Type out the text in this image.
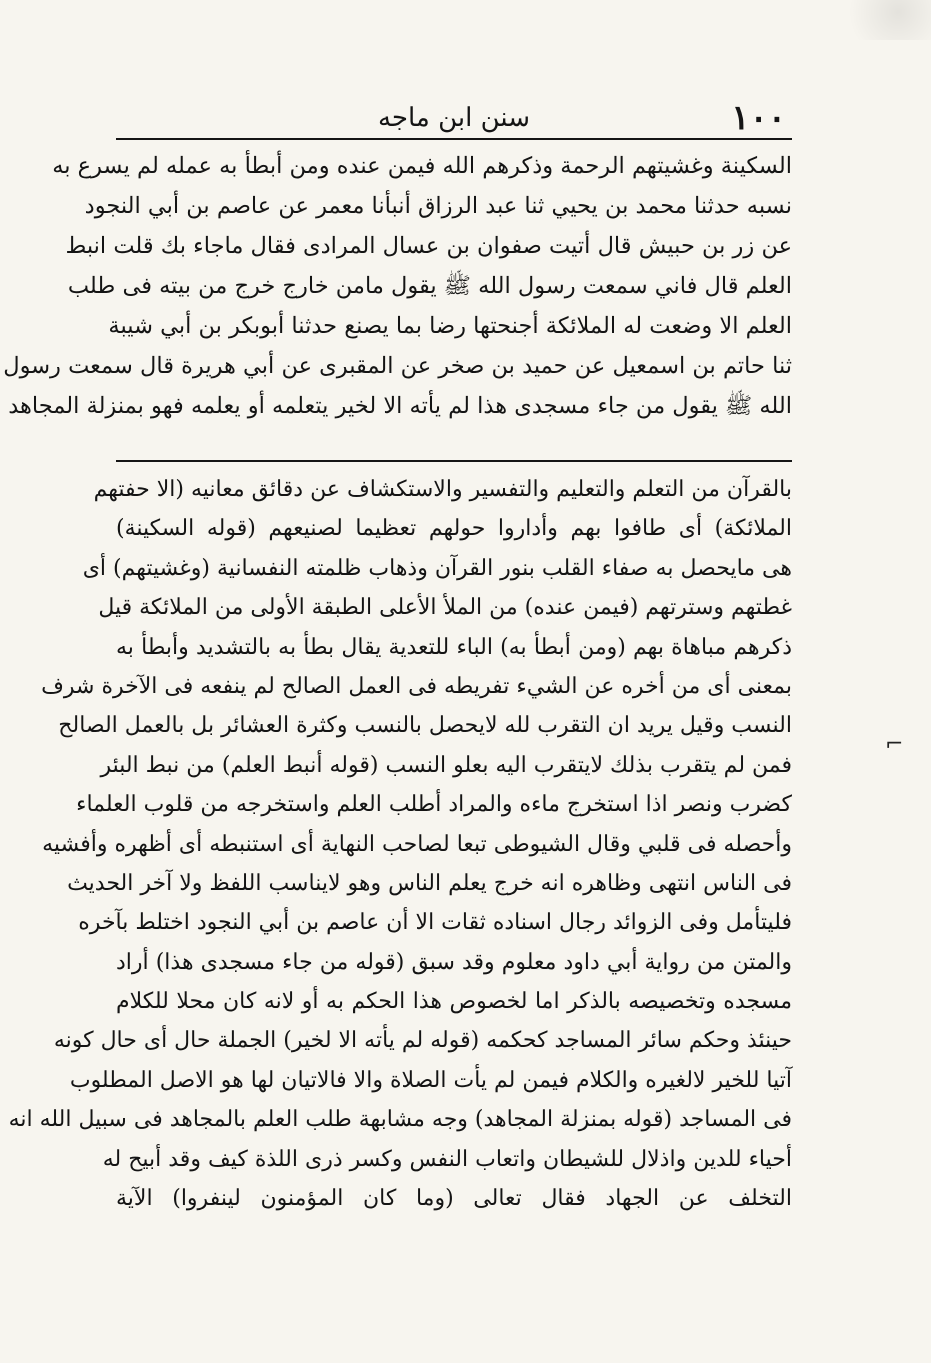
١٠٠
سنن ابن ماجه
السكينة وغشيتهم الرحمة وذكرهم الله فيمن عنده ومن أبطأ به عمله لم يسرع به
نسبه حدثنا محمد بن يحيي ثنا عبد الرزاق أنبأنا معمر عن عاصم بن أبي النجود
عن زر بن حبيش قال أتيت صفوان بن عسال المرادى فقال ماجاء بك قلت انبط
العلم قال فاني سمعت رسول الله ﷺ يقول مامن خارج خرج من بيته فى طلب
العلم الا وضعت له الملائكة أجنحتها رضا بما يصنع حدثنا أبوبكر بن أبي شيبة
ثنا حاتم بن اسمعيل عن حميد بن صخر عن المقبرى عن أبي هريرة قال سمعت رسول
الله ﷺ يقول من جاء مسجدى هذا لم يأته الا لخير يتعلمه أو يعلمه فهو بمنزلة المجاهد
بالقرآن من التعلم والتعليم والتفسير والاستكشاف عن دقائق معانيه (الا حفتهم
الملائكة) أى طافوا بهم وأداروا حولهم تعظيما لصنيعهم (قوله السكينة)
هى مايحصل به صفاء القلب بنور القرآن وذهاب ظلمته النفسانية (وغشيتهم) أى
غطتهم وسترتهم (فيمن عنده) من الملأ الأعلى الطبقة الأولى من الملائكة قيل
ذكرهم مباهاة بهم (ومن أبطأ به) الباء للتعدية يقال بطأ به بالتشديد وأبطأ به
بمعنى أى من أخره عن الشيء تفريطه فى العمل الصالح لم ينفعه فى الآخرة شرف
النسب وقيل يريد ان التقرب لله لايحصل بالنسب وكثرة العشائر بل بالعمل الصالح
فمن لم يتقرب بذلك لايتقرب اليه بعلو النسب (قوله أنبط العلم) من نبط البئر
كضرب ونصر اذا استخرج ماءه والمراد أطلب العلم واستخرجه من قلوب العلماء
وأحصله فى قلبي وقال الشيوطى تبعا لصاحب النهاية أى استنبطه أى أظهره وأفشيه
فى الناس انتهى وظاهره انه خرج يعلم الناس وهو لايناسب اللفظ ولا آخر الحديث
فليتأمل وفى الزوائد رجال اسناده ثقات الا أن عاصم بن أبي النجود اختلط بآخره
والمتن من رواية أبي داود معلوم وقد سبق (قوله من جاء مسجدى هذا) أراد
مسجده وتخصيصه بالذكر اما لخصوص هذا الحكم به أو لانه كان محلا للكلام
حينئذ وحكم سائر المساجد كحكمه (قوله لم يأته الا لخير) الجملة حال أى حال كونه
آتيا للخير لالغيره والكلام فيمن لم يأت الصلاة والا فالاتيان لها هو الاصل المطلوب
فى المساجد (قوله بمنزلة المجاهد) وجه مشابهة طلب العلم بالمجاهد فى سبيل الله انه
أحياء للدين واذلال للشيطان واتعاب النفس وكسر ذرى اللذة كيف وقد أبيح له
التخلف عن الجهاد فقال تعالى (وما كان المؤمنون لينفروا) الآية
⌐
